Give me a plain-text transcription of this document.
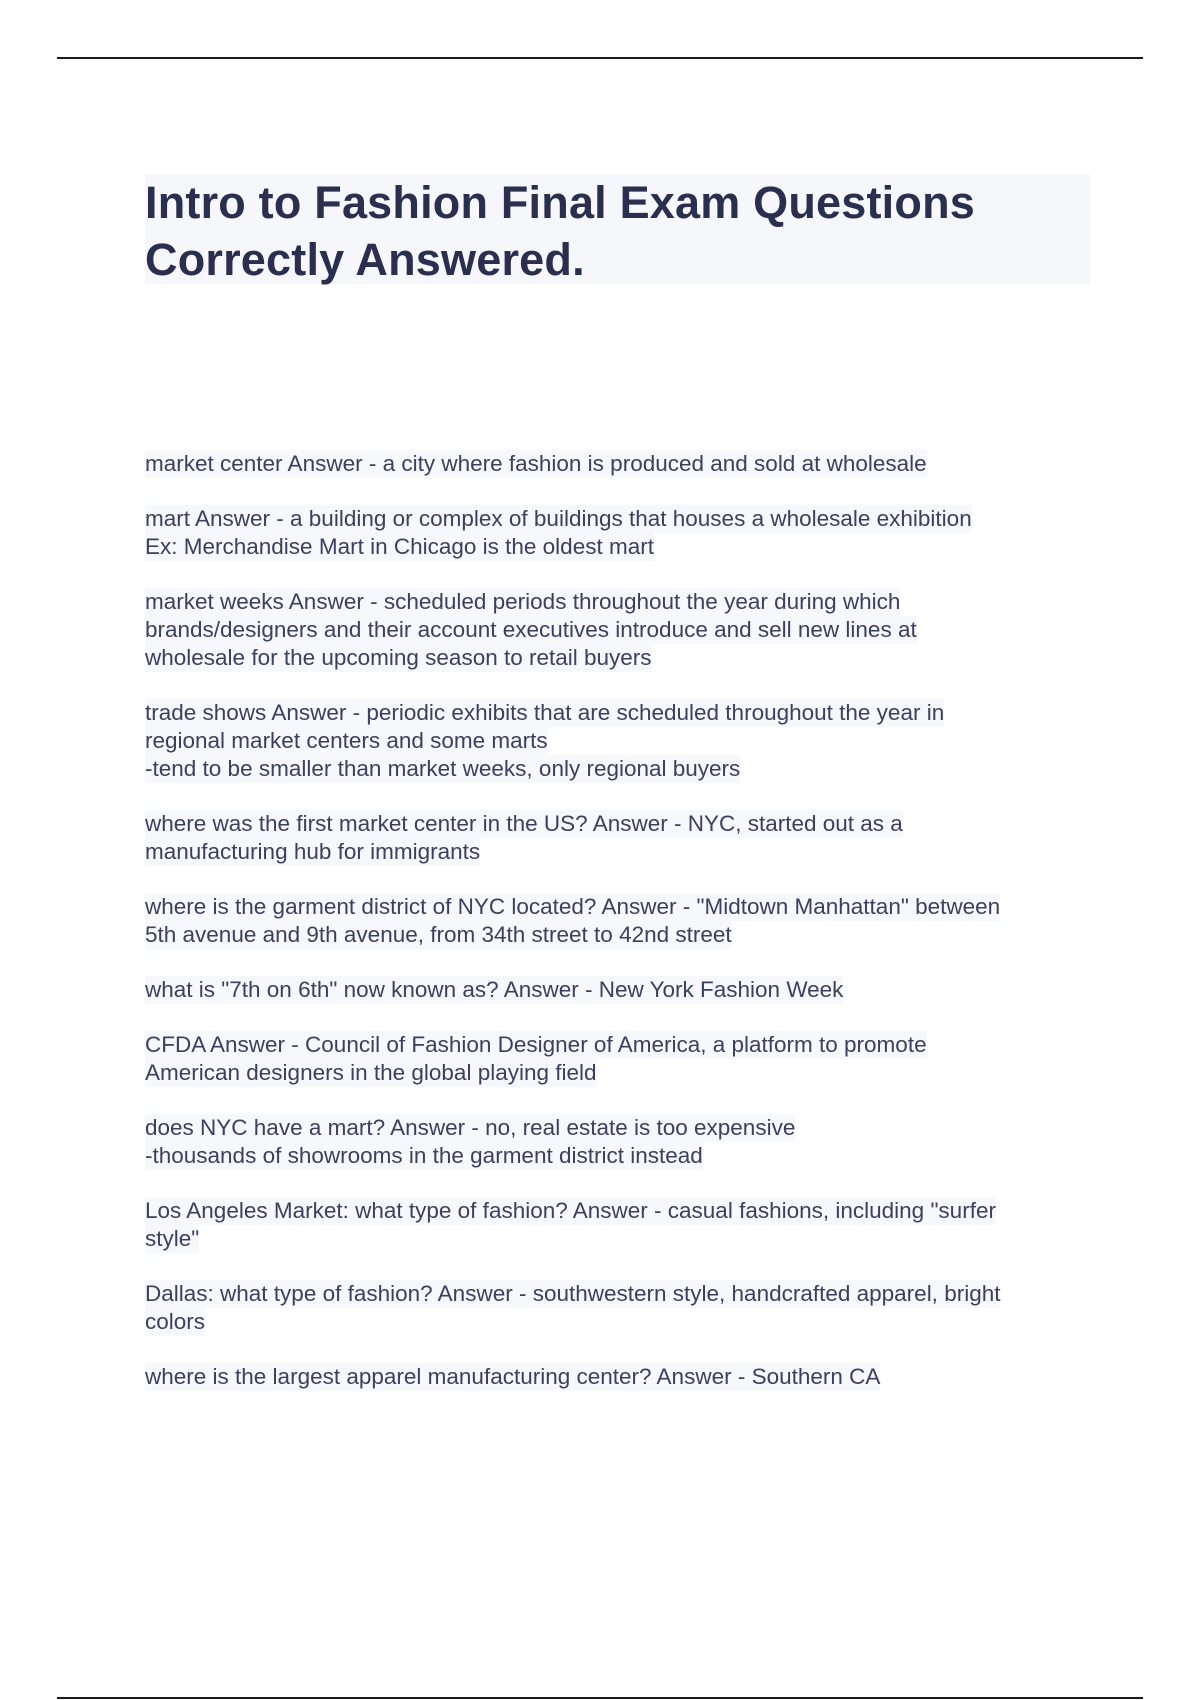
Intro to Fashion Final Exam Questions
Correctly Answered.

market center Answer - a city where fashion is produced and sold at wholesale

mart Answer - a building or complex of buildings that houses a wholesale exhibition
Ex: Merchandise Mart in Chicago is the oldest mart

market weeks Answer - scheduled periods throughout the year during which
brands/designers and their account executives introduce and sell new lines at
wholesale for the upcoming season to retail buyers

trade shows Answer - periodic exhibits that are scheduled throughout the year in
regional market centers and some marts
-tend to be smaller than market weeks, only regional buyers

where was the first market center in the US? Answer - NYC, started out as a
manufacturing hub for immigrants

where is the garment district of NYC located? Answer - "Midtown Manhattan" between
5th avenue and 9th avenue, from 34th street to 42nd street

what is "7th on 6th" now known as? Answer - New York Fashion Week

CFDA Answer - Council of Fashion Designer of America, a platform to promote
American designers in the global playing field

does NYC have a mart? Answer - no, real estate is too expensive
-thousands of showrooms in the garment district instead

Los Angeles Market: what type of fashion? Answer - casual fashions, including "surfer
style"

Dallas: what type of fashion? Answer - southwestern style, handcrafted apparel, bright
colors

where is the largest apparel manufacturing center? Answer - Southern CA
